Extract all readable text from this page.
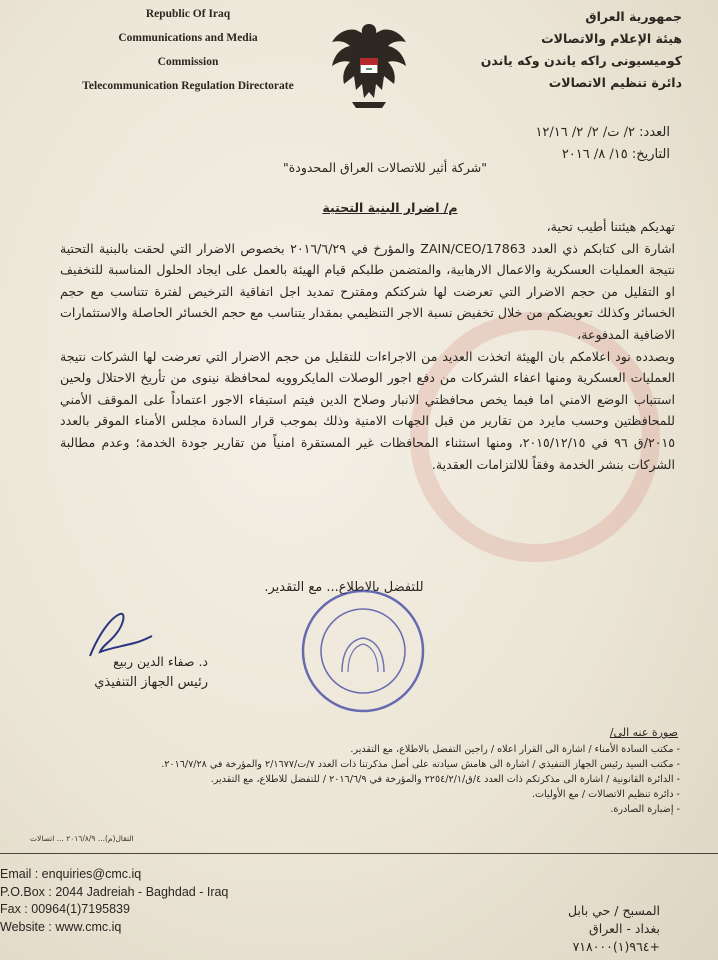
Republic Of Iraq
Communications and Media
Commission
Telecommunication Regulation Directorate
جمهورية العراق
هيئة الإعلام والاتصالات
كوميسيونى راكه ياندن وكه ياندن
دائرة تنظيم الاتصالات
العدد: ٢/ ت/ ٢/ ٢/ ١٢/١٦
التاريخ: ١٥/ ٨/ ٢٠١٦
"شركة أثير للاتصالات العراق المحدودة"
م/ اضرار البنية التحتية

تهديكم هيئتنا أطيب تحية،

اشارة الى كتابكم ذي العدد ZAIN/CEO/17863 والمؤرخ في ٢٠١٦/٦/٢٩ بخصوص الاضرار التي لحقت بالبنية التحتية نتيجة العمليات العسكرية والاعمال الارهابية، والمتضمن طلبكم قيام الهيئة بالعمل على ايجاد الحلول المناسبة للتخفيف او التقليل من حجم الاضرار التي تعرضت لها شركتكم ومقترح تمديد اجل اتفاقية الترخيص لفترة تتناسب مع حجم الخسائر وكذلك تعويضكم من خلال تخفيض نسبة الاجر التنظيمي بمقدار يتناسب مع حجم الخسائر الحاصلة والاستثمارات الاضافية المدفوعة،

وبصدده نود اعلامكم بان الهيئة اتخذت العديد من الاجراءات للتقليل من حجم الاضرار التي تعرضت لها الشركات نتيجة العمليات العسكرية ومنها اعفاء الشركات من دفع اجور الوصلات المايكروويه لمحافظة نينوى من تأريخ الاحتلال ولحين استتباب الوضع الامني اما فيما يخص محافظتي الانبار وصلاح الدين فيتم استيفاء الاجور اعتماداً على الموقف الأمني للمحافظتين وحسب مايرد من تقارير من قبل الجهات الامنية وذلك بموجب قرار السادة مجلس الأمناء الموقر بالعدد ٢٠١٥/ق ٩٦ في ٢٠١٥/١٢/١٥، ومنها استثناء المحافظات غير المستقرة امنياً من تقارير جودة الخدمة؛ وعدم مطالبة الشركات بنشر الخدمة وفقاً للالتزامات العقدية.

للتفضل بالاطلاع... مع التقدير.
د. صفاء الدين ربيع
رئيس الجهاز التنفيذي
صورة عنه الى/
- مكتب السادة الأمناء / اشارة الى القرار اعلاه / راجين التفضل بالاطلاع، مع التقدير.
- مكتب السيد رئيس الجهاز التنفيذي / اشارة الى هامش سيادته على أصل مذكرتنا ذات العدد ٧/ت/٢/١٦٧٧ والمؤرخة في ٢٠١٦/٧/٢٨.
- الدائرة القانونية / اشارة الى مذكرتكم ذات العدد ٤/ق/٢٢٥٤/٢/١ والمؤرخة في ٢٠١٦/٦/٩ / للتفضل للاطلاع، مع التقدير.
- دائرة تنظيم الاتصالات / مع الأوليات.
- إضبارة الصادرة.
التقال(م)... ٢٠١٦/٨/٩ ... اتصالات
Email : enquiries@cmc.iq
P.O.Box : 2044 Jadreiah - Baghdad - Iraq
Fax : 00964(1)7195839
Website : www.cmc.iq
المسبح / حي بابل
بغداد - العراق
+٩٦٤(١)٧١٨٠٠٠
